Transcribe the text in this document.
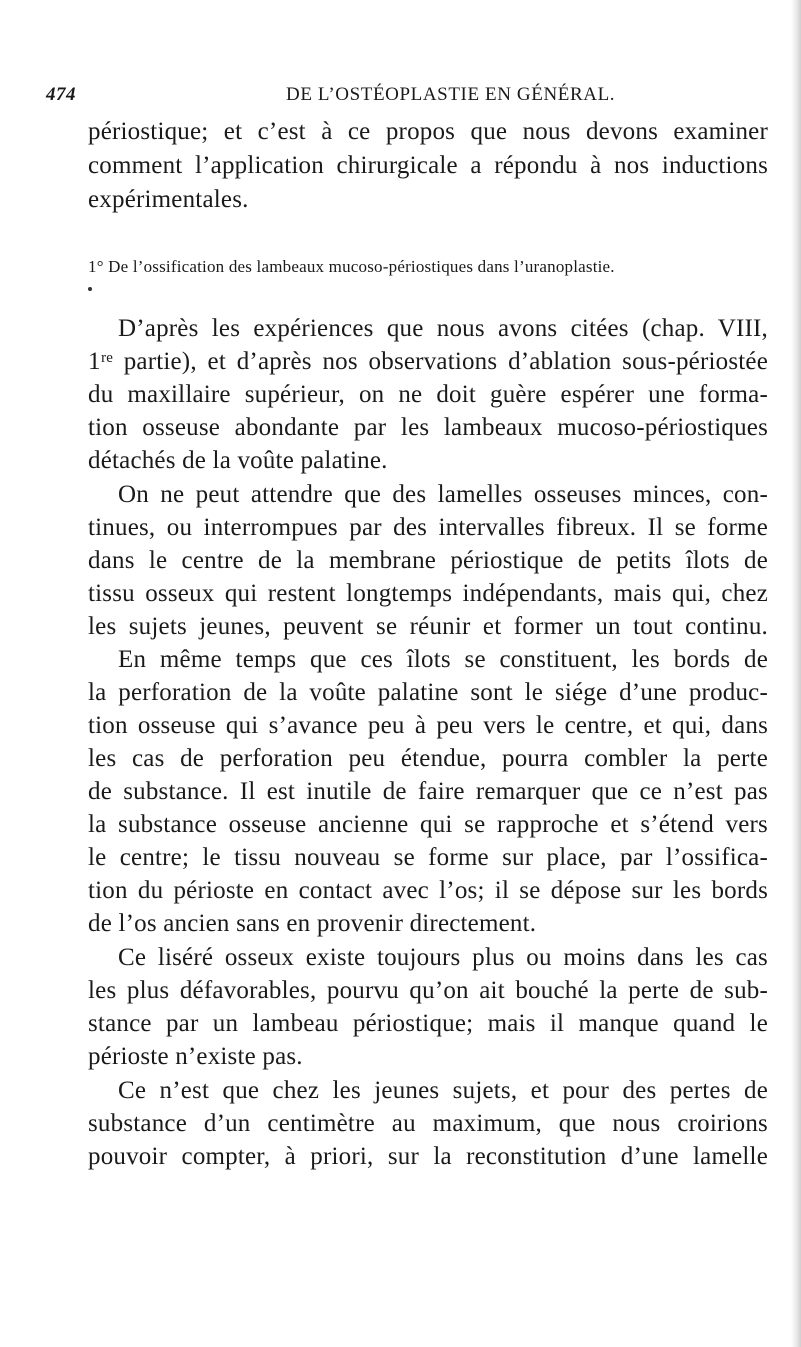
474	DE L’OSTÉOPLASTIE EN GÉNÉRAL.
périostique; et c’est à ce propos que nous devons examiner
comment l’application chirurgicale a répondu à nos inductions
expérimentales.
1° De l’ossification des lambeaux mucoso-périostiques dans l’uranoplastie.
D’après les expériences que nous avons citées (chap. VIII,
1ʳᵉ partie), et d’après nos observations d’ablation sous-périostée
du maxillaire supérieur, on ne doit guère espérer une forma-
tion osseuse abondante par les lambeaux mucoso-périostiques
détachés de la voûte palatine.
On ne peut attendre que des lamelles osseuses minces, con-
tinues, ou interrompues par des intervalles fibreux. Il se forme
dans le centre de la membrane périostique de petits îlots de
tissu osseux qui restent longtemps indépendants, mais qui, chez
les sujets jeunes, peuvent se réunir et former un tout continu.
En même temps que ces îlots se constituent, les bords de
la perforation de la voûte palatine sont le siége d’une produc-
tion osseuse qui s’avance peu à peu vers le centre, et qui, dans
les cas de perforation peu étendue, pourra combler la perte
de substance. Il est inutile de faire remarquer que ce n’est pas
la substance osseuse ancienne qui se rapproche et s’étend vers
le centre; le tissu nouveau se forme sur place, par l’ossifica-
tion du périoste en contact avec l’os; il se dépose sur les bords
de l’os ancien sans en provenir directement.
Ce liséré osseux existe toujours plus ou moins dans les cas
les plus défavorables, pourvu qu’on ait bouché la perte de sub-
stance par un lambeau périostique; mais il manque quand le
périoste n’existe pas.
Ce n’est que chez les jeunes sujets, et pour des pertes de
substance d’un centimètre au maximum, que nous croirions
pouvoir compter, à priori, sur la reconstitution d’une lamelle
